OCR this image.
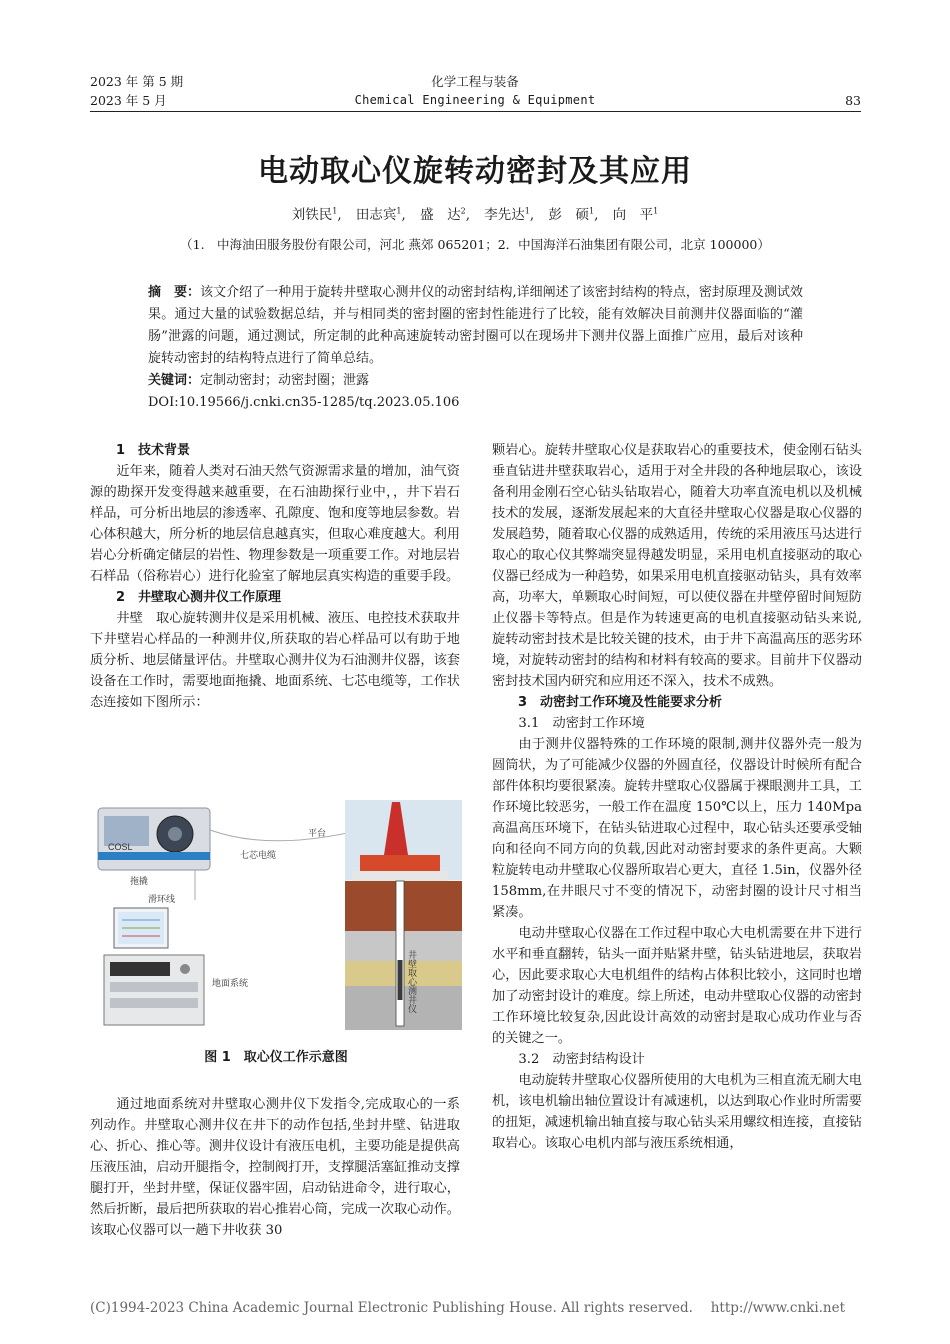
2023 年 第 5 期
2023 年 5 月
化学工程与装备
Chemical Engineering & Equipment	83
电动取心仪旋转动密封及其应用
刘铁民$^1$, 田志宾$^1$, 盛　达$^2$, 李先达$^1$, 彭　硕$^1$, 向　平$^1$
（1.　中海油田服务股份有限公司，河北 燕郊 065201；2．中国海洋石油集团有限公司，北京 100000）
摘　要：该文介绍了一种用于旋转井壁取心测井仪的动密封结构,详细阐述了该密封结构的特点，密封原理及测试效果。通过大量的试验数据总结，并与相同类的密封圈的密封性能进行了比较，能有效解决目前测井仪器面临的“灌肠”泄露的问题，通过测试，所定制的此种高速旋转动密封圈可以在现场井下测井仪器上面推广应用，最后对该种旋转动密封的结构特点进行了简单总结。
关键词：定制动密封；动密封圈；泄露
DOI:10.19566/j.cnki.cn35-1285/tq.2023.05.106

1　技术背景

近年来，随着人类对石油天然气资源需求量的增加，油气资源的勘探开发变得越来越重要，在石油勘探行业中，，井下岩石样品，可分析出地层的渗透率、孔隙度、饱和度等地层参数。岩心体积越大，所分析的地层信息越真实，但取心难度越大。利用岩心分析确定储层的岩性、物理参数是一项重要工作。对地层岩石样品（俗称岩心）进行化验室了解地层真实构造的重要手段。

2　井壁取心测井仪工作原理

井壁　取心旋转测井仪是采用机械、液压、电控技术获取井下井壁岩心样品的一种测井仪,所获取的岩心样品可以有助于地质分析、地层储量评估。井壁取心测井仪为石油测井仪器，该套设备在工作时，需要地面拖撬、地面系统、七芯电缆等，工作状态连接如下图所示：

COSL
七芯电缆
平台
拖撬
滑环线
地面系统	井壁取心测井仪
图 1　取心仪工作示意图

通过地面系统对井壁取心测井仪下发指令,完成取心的一系列动作。井壁取心测井仪在井下的动作包括,坐封井壁、钻进取心、折心、推心等。测井仪设计有液压电机，主要功能是提供高压液压油，启动开腿指令，控制阀打开，支撑腿活塞缸推动支撑腿打开，坐封井壁，保证仪器牢固，启动钻进命令，进行取心，然后折断，最后把所获取的岩心推岩心筒，完成一次取心动作。该取心仪器可以一趟下井收获 30

颗岩心。旋转井壁取心仪是获取岩心的重要技术，使金刚石钻头垂直钻进井壁获取岩心，适用于对全井段的各种地层取心，该设备利用金刚石空心钻头钻取岩心，随着大功率直流电机以及机械技术的发展，逐渐发展起来的大直径井壁取心仪器是取心仪器的发展趋势，随着取心仪器的成熟适用，传统的采用液压马达进行取心的取心仪其弊端突显得越发明显，采用电机直接驱动的取心仪器已经成为一种趋势，如果采用电机直接驱动钻头，具有效率高，功率大，单颗取心时间短，可以使仪器在井壁停留时间短防止仪器卡等特点。但是作为转速更高的电机直接驱动钻头来说,旋转动密封技术是比较关键的技术，由于井下高温高压的恶劣环境，对旋转动密封的结构和材料有较高的要求。目前井下仪器动密封技术国内研究和应用还不深入，技术不成熟。

3　动密封工作环境及性能要求分析

3.1　动密封工作环境

由于测井仪器特殊的工作环境的限制,测井仪器外壳一般为圆筒状，为了可能减少仪器的外圆直径，仪器设计时候所有配合部件体积均要很紧凑。旋转井壁取心仪器属于裸眼测井工具，工作环境比较恶劣，一般工作在温度 150℃以上，压力 140Mpa 高温高压环境下，在钻头钻进取心过程中，取心钻头还要承受轴向和径向不同方向的负载,因此对动密封要求的条件更高。大颗粒旋转电动井壁取心仪器所取岩心更大，直径 1.5in，仪器外径 158mm,在井眼尺寸不变的情况下，动密封圈的设计尺寸相当紧凑。

电动井壁取心仪器在工作过程中取心大电机需要在井下进行水平和垂直翻转，钻头一面并贴紧井壁，钻头钻进地层，获取岩心，因此要求取心大电机组件的结构占体积比较小，这同时也增加了动密封设计的难度。综上所述，电动井壁取心仪器的动密封工作环境比较复杂,因此设计高效的动密封是取心成功作业与否的关键之一。

3.2　动密封结构设计

电动旋转井壁取心仪器所使用的大电机为三相直流无刷大电机，该电机输出轴位置设计有减速机，以达到取心作业时所需要的扭矩，减速机输出轴直接与取心钻头采用螺纹相连接，直接钻取岩心。该取心电机内部与液压系统相通，

(C)1994-2023 China Academic Journal Electronic Publishing House. All rights reserved.　 http://www.cnki.net
